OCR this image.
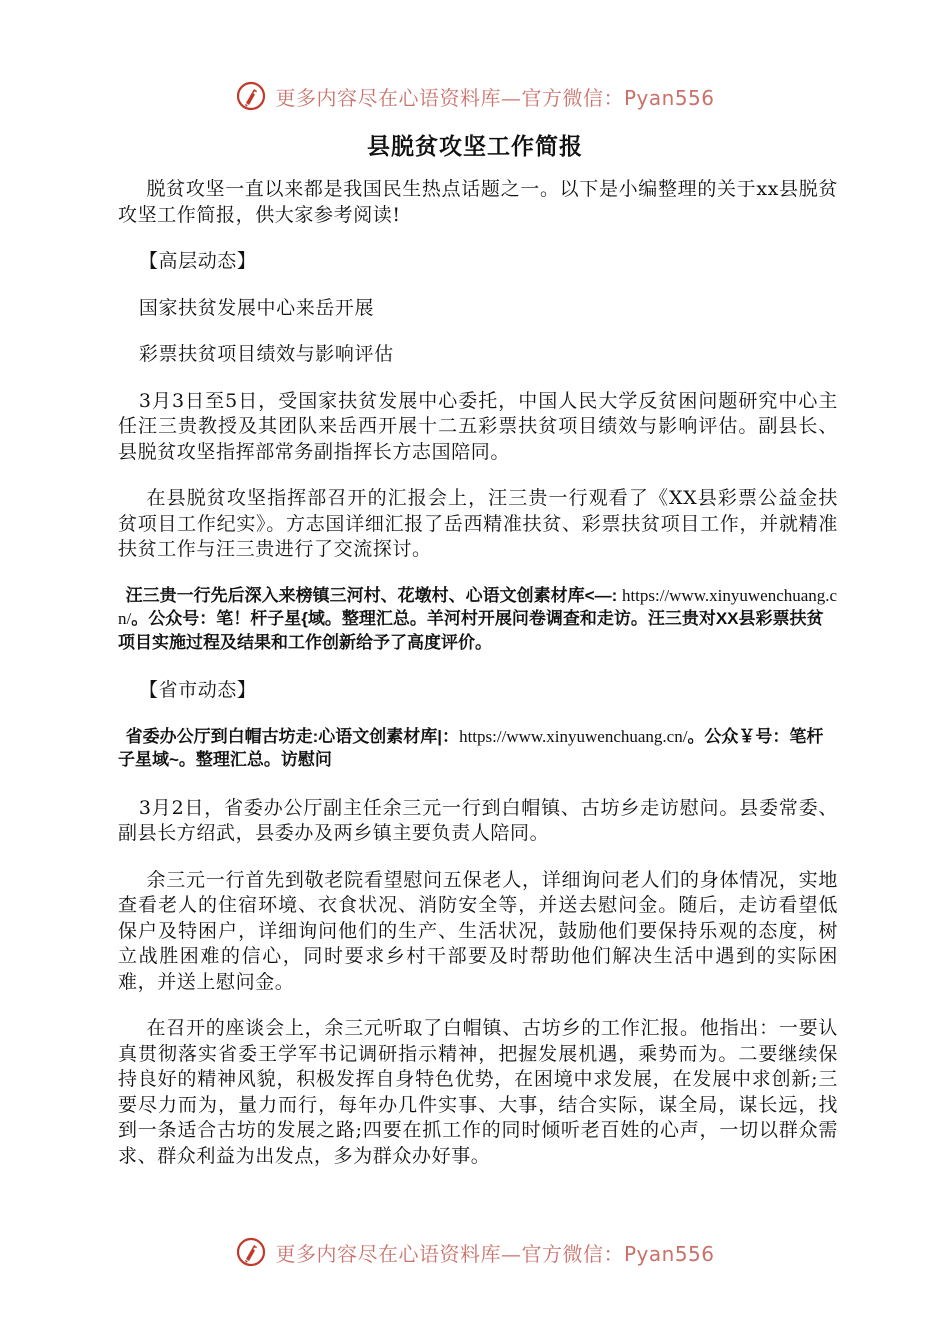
更多内容尽在心语资料库—官方微信：Pyan556
县脱贫攻坚工作简报

脱贫攻坚一直以来都是我国民生热点话题之一。以下是小编整理的关于xx县脱贫攻坚工作简报，供大家参考阅读!

【高层动态】

国家扶贫发展中心来岳开展

彩票扶贫项目绩效与影响评估

3月3日至5日，受国家扶贫发展中心委托，中国人民大学反贫困问题研究中心主任汪三贵教授及其团队来岳西开展十二五彩票扶贫项目绩效与影响评估。副县长、县脱贫攻坚指挥部常务副指挥长方志国陪同。

在县脱贫攻坚指挥部召开的汇报会上，汪三贵一行观看了《XX县彩票公益金扶贫项目工作纪实》。方志国详细汇报了岳西精准扶贫、彩票扶贫项目工作，并就精准扶贫工作与汪三贵进行了交流探讨。

汪三贵一行先后深入来榜镇三河村、花墩村、心语文创素材库<—: https://www.xinyuwenchuang.cn/。公众号：笔！杆子星{域。整理汇总。羊河村开展问卷调查和走访。汪三贵对XX县彩票扶贫项目实施过程及结果和工作创新给予了高度评价。

【省市动态】

省委办公厅到白帽古坊走:心语文创素材库|：https://www.xinyuwenchuang.cn/。公众￥号：笔杆子星域~。整理汇总。访慰问

3月2日，省委办公厅副主任余三元一行到白帽镇、古坊乡走访慰问。县委常委、副县长方绍武，县委办及两乡镇主要负责人陪同。

余三元一行首先到敬老院看望慰问五保老人，详细询问老人们的身体情况，实地查看老人的住宿环境、衣食状况、消防安全等，并送去慰问金。随后，走访看望低保户及特困户，详细询问他们的生产、生活状况，鼓励他们要保持乐观的态度，树立战胜困难的信心，同时要求乡村干部要及时帮助他们解决生活中遇到的实际困难，并送上慰问金。

在召开的座谈会上，余三元听取了白帽镇、古坊乡的工作汇报。他指出：一要认真贯彻落实省委王学军书记调研指示精神，把握发展机遇，乘势而为。二要继续保持良好的精神风貌，积极发挥自身特色优势，在困境中求发展，在发展中求创新;三要尽力而为，量力而行，每年办几件实事、大事，结合实际，谋全局，谋长远，找到一条适合古坊的发展之路;四要在抓工作的同时倾听老百姓的心声，一切以群众需求、群众利益为出发点，多为群众办好事。

更多内容尽在心语资料库—官方微信：Pyan556
